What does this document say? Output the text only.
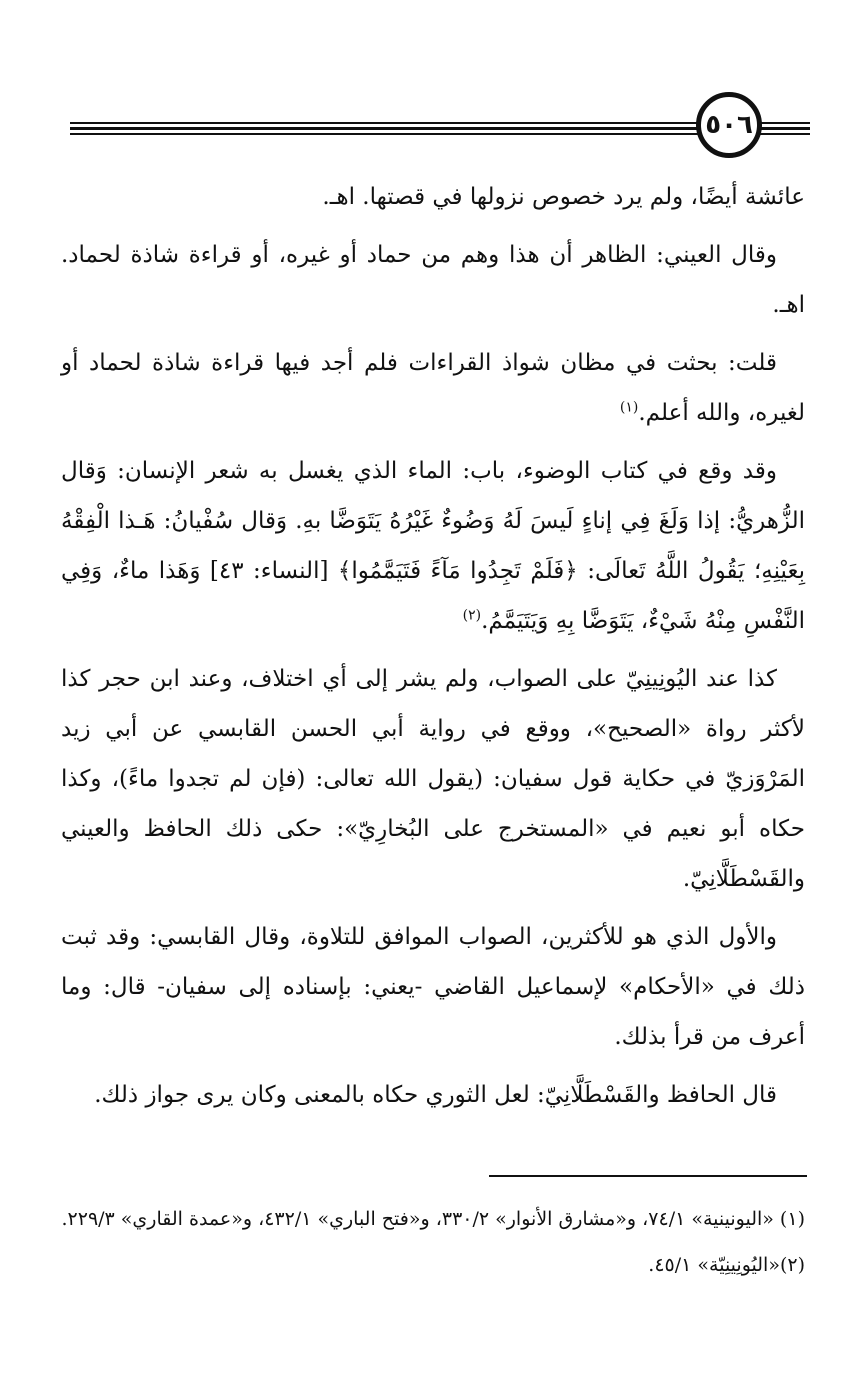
٥٠٦

عائشة أيضًا، ولم يرد خصوص نزولها في قصتها. اهـ.

وقال العيني: الظاهر أن هذا وهم من حماد أو غيره، أو قراءة شاذة لحماد. اهـ.

قلت: بحثت في مظان شواذ القراءات فلم أجد فيها قراءة شاذة لحماد أو لغيره، والله أعلم.$^{(١)}$

وقد وقع في كتاب الوضوء، باب: الماء الذي يغسل به شعر الإنسان: وَقال الزُّهريُّ: إذا وَلَغَ فِي إناءٍ لَيسَ لَهُ وَضُوءٌ غَيْرُهُ يَتَوَضَّا بهِ. وَقال سُفْيانُ: هَـذا الْفِقْهُ بِعَيْنِهِ؛ يَقُولُ اللَّهُ تَعالَى: ﴿فَلَمْ تَجِدُوا مَآءً فَتَيَمَّمُوا﴾ [النساء: ٤٣] وَهَذا ماءٌ، وَفِي النَّفْسِ مِنْهُ شَيْءٌ، يَتَوَضَّا بِهِ وَيَتَيَمَّمُ.$^{(٢)}$

كذا عند اليُونِينِيّ على الصواب، ولم يشر إلى أي اختلاف، وعند ابن حجر كذا لأكثر رواة «الصحيح»، ووقع في رواية أبي الحسن القابسي عن أبي زيد المَرْوَزيّ في حكاية قول سفيان: (يقول الله تعالى: (فإن لم تجدوا ماءً)، وكذا حكاه أبو نعيم في «المستخرج على البُخارِيّ»: حكى ذلك الحافظ والعيني والقَسْطَلَّانِيّ.

والأول الذي هو للأكثرين، الصواب الموافق للتلاوة، وقال القابسي: وقد ثبت ذلك في «الأحكام» لإسماعيل القاضي -يعني: بإسناده إلى سفيان- قال: وما أعرف من قرأ بذلك.

قال الحافظ والقَسْطَلَّانِيّ: لعل الثوري حكاه بالمعنى وكان يرى جواز ذلك.

(١) «اليونينية» ٧٤/١، و«مشارق الأنوار» ٣٣٠/٢، و«فتح الباري» ٤٣٢/١، و«عمدة القاري» ٢٢٩/٣.

(٢)«اليُونِينِيّة» ٤٥/١.
